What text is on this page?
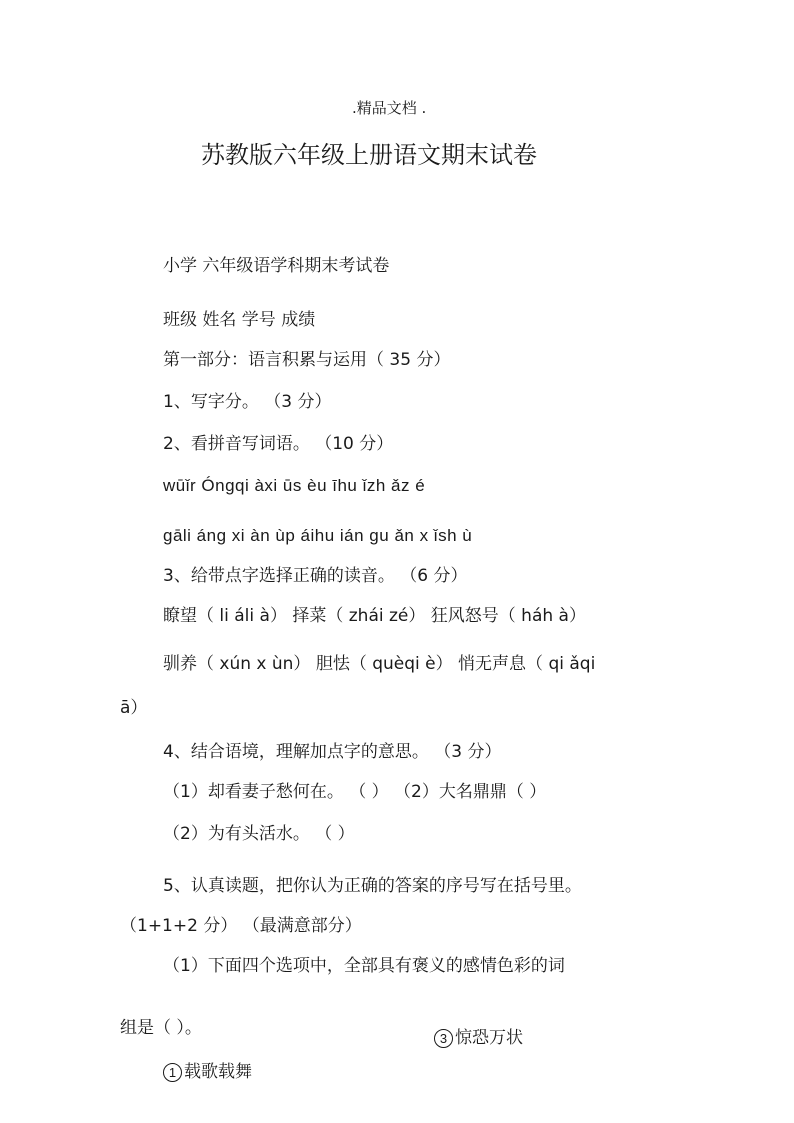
.精品文档 .
苏教版六年级上册语文期末试卷
小学 六年级语学科期末考试卷
班级 姓名 学号 成绩
第一部分：语言积累与运用（ 35 分）
1、写字分。 （3 分）
2、看拼音写词语。 （10 分）
wūǐr Óngqi àxi ūs èu īhu ǐzh ǎz é
gāli áng xi àn ùp áihu ián gu ǎn x ǐsh ù
3、给带点字选择正确的读音。 （6 分）
瞭望（ li áli à） 择菜（ zhái zé） 狂风怒号（ háh à）
驯养（ xún x ùn） 胆怯（ quèqi è） 悄无声息（ qi ǎqi
ā）
4、结合语境，理解加点字的意思。 （3 分）
（1）却看妻子愁何在。 （ ） （2）大名鼎鼎（ ）
（2）为有头活水。 （ ）
5、认真读题，把你认为正确的答案的序号写在括号里。
（1+1+2 分） （最满意部分）
（1）下面四个选项中，全部具有褒义的感情色彩的词
组是（ ）。	3 惊恐万状
1 载歌载舞
